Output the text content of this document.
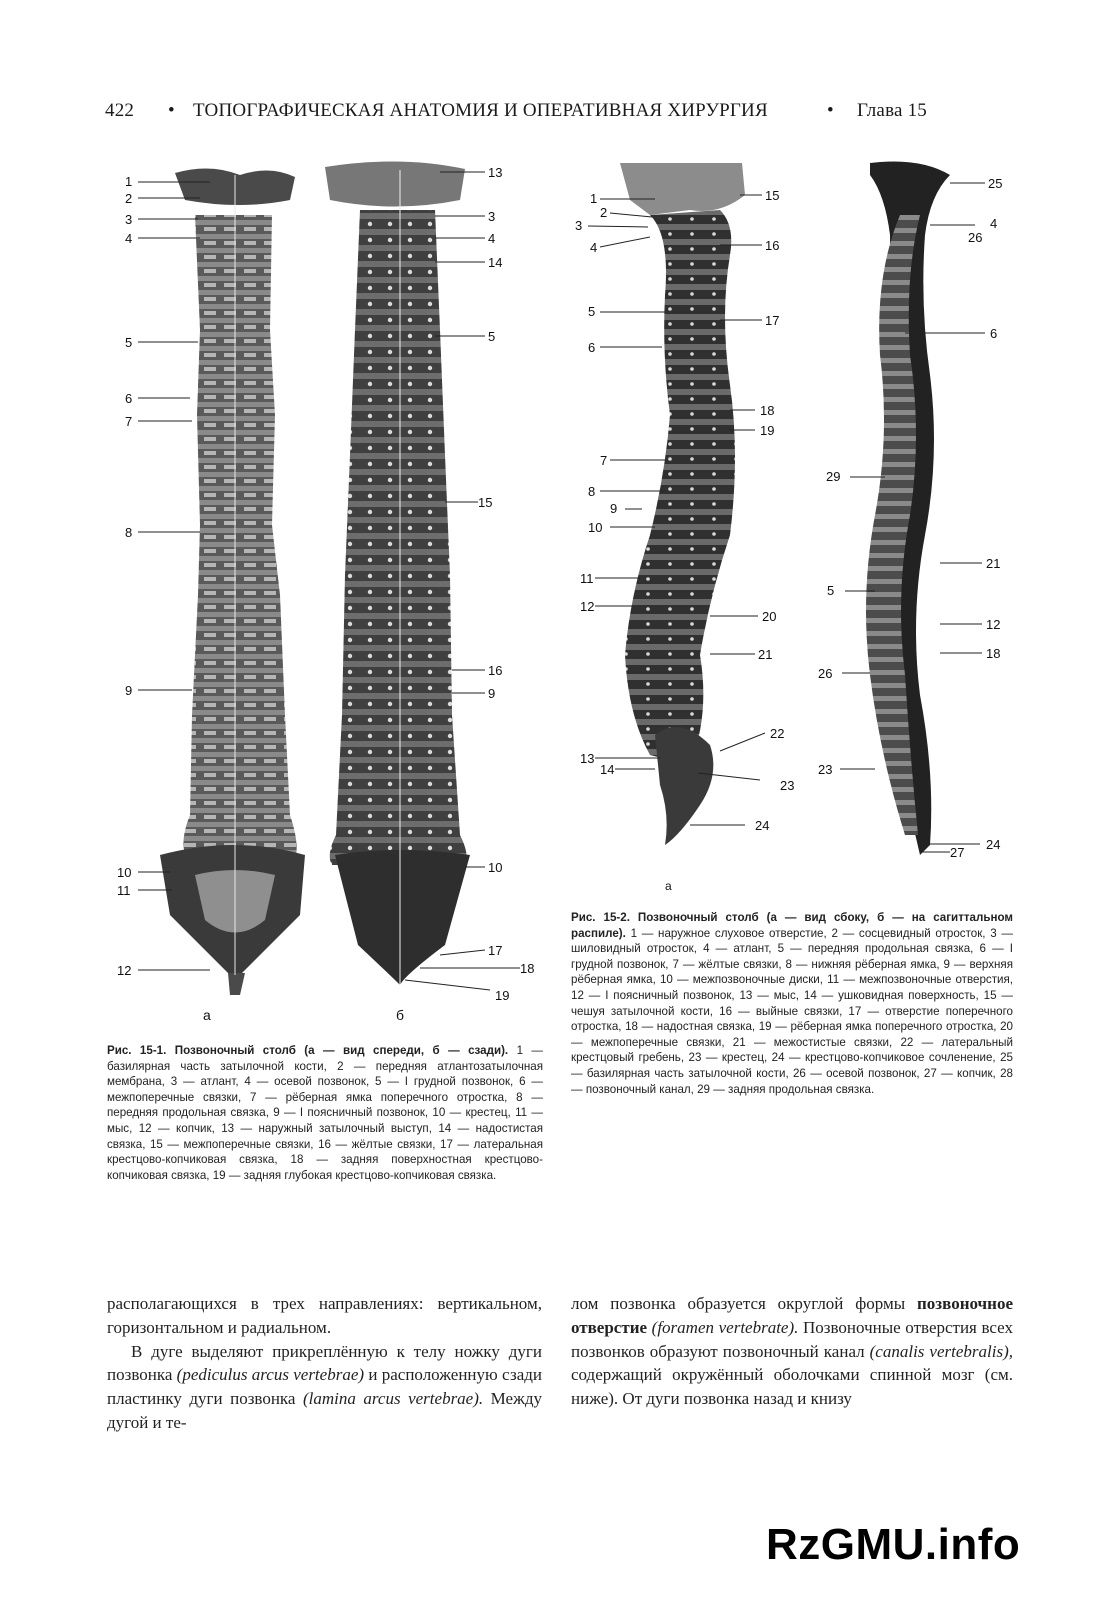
422 • ТОПОГРАФИЧЕСКАЯ АНАТОМИЯ И ОПЕРАТИВНАЯ ХИРУРГИЯ	• Глава 15
1
2
3
4
5
6
7
8
9
10
11
12
13
3
4
14
5
15
16
9
10
17
18
19
а	б
Рис. 15-1. Позвоночный столб (а — вид спереди, б — сзади). 1 — базилярная часть затылочной кости, 2 — передняя атлантозатылочная мембрана, 3 — атлант, 4 — осевой позвонок, 5 — I грудной позвонок, 6 — межпоперечные связки, 7 — рёберная ямка поперечного отростка, 8 — передняя продольная связка, 9 — I поясничный позвонок, 10 — крестец, 11 — мыс, 12 — копчик, 13 — наружный затылочный выступ, 14 — надостистая связка, 15 — межпоперечные связки, 16 — жёлтые связки, 17 — латеральная крестцово-копчиковая связка, 18 — задняя поверхностная крестцово-копчиковая связка, 19 — задняя глубокая крестцово-копчиковая связка.
1
2
3
4
15
16
5
17
6
18
19
7
8
9
10
11
12
20
21
22
13
14
23
24
25
4
26
6
29
21
5
12
18
26
23
24
27
а
Рис. 15-2. Позвоночный столб (а — вид сбоку, б — на сагиттальном распиле). 1 — наружное слуховое отверстие, 2 — сосцевидный отросток, 3 — шиловидный отросток, 4 — атлант, 5 — передняя продольная связка, 6 — I грудной позвонок, 7 — жёлтые связки, 8 — нижняя рёберная ямка, 9 — верхняя рёберная ямка, 10 — межпозвоночные диски, 11 — межпозвоночные отверстия, 12 — I поясничный позвонок, 13 — мыс, 14 — ушковидная поверхность, 15 — чешуя затылочной кости, 16 — выйные связки, 17 — отверстие поперечного отростка, 18 — надостная связка, 19 — рёберная ямка поперечного отростка, 20 — межпоперечные связки, 21 — межостистые связки, 22 — латеральный крестцовый гребень, 23 — крестец, 24 — крестцово-копчиковое сочленение, 25 — базилярная часть затылочной кости, 26 — осевой позвонок, 27 — копчик, 28 — позвоночный канал, 29 — задняя продольная связка.

располагающихся в трех направлениях: вертикальном, горизонтальном и радиальном.

В дуге выделяют прикреплённую к телу ножку дуги позвонка (pediculus arcus vertebrae) и расположенную сзади пластинку дуги позвонка (lamina arcus vertebrae). Между дугой и те-

лом позвонка образуется округлой формы позвоночное отверстие (foramen vertebrate). Позвоночные отверстия всех позвонков образуют позвоночный канал (canalis vertebralis), содержащий окружённый оболочками спинной мозг (см. ниже). От дуги позвонка назад и книзу

RzGMU.info
